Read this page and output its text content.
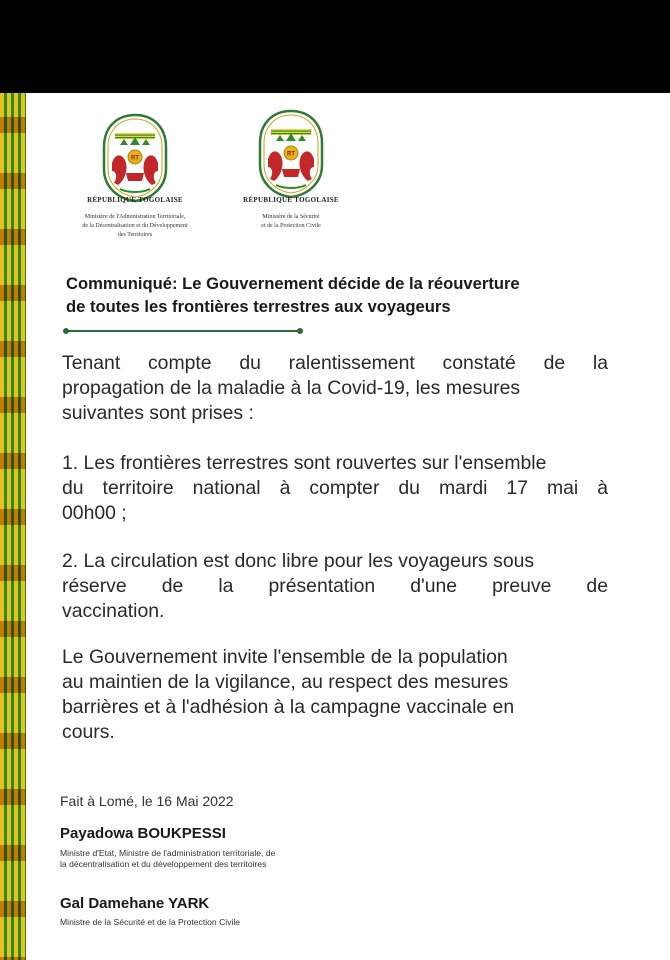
RT
RÉPUBLIQUE TOGOLAISE
Ministère de l'Administration Territoriale,
de la Décentralisation et du Développement
des Territoires
RT
RÉPUBLIQUE TOGOLAISE
Ministère de la Sécurité
et de la Protection Civile
Communiqué: Le Gouvernement décide de la réouverture
de toutes les frontières terrestres aux voyageurs
Tenant compte du ralentissement constaté de la
propagation de la maladie à la Covid-19, les mesures
suivantes sont prises :
1. Les frontières terrestres sont rouvertes sur l'ensemble
du territoire national à compter du mardi 17 mai à
00h00 ;
2. La circulation est donc libre pour les voyageurs sous
réserve de la présentation d'une preuve de
vaccination.
Le Gouvernement invite l'ensemble de la population
au maintien de la vigilance, au respect des mesures
barrières et à l'adhésion à la campagne vaccinale en
cours.
Fait à Lomé, le 16 Mai 2022
Payadowa BOUKPESSI
Ministre d'Etat, Ministre de l'administration territoriale, de
la décentralisation et du développement des territoires
Gal Damehane YARK
Ministre de la Sécurité et de la Protection Civile
